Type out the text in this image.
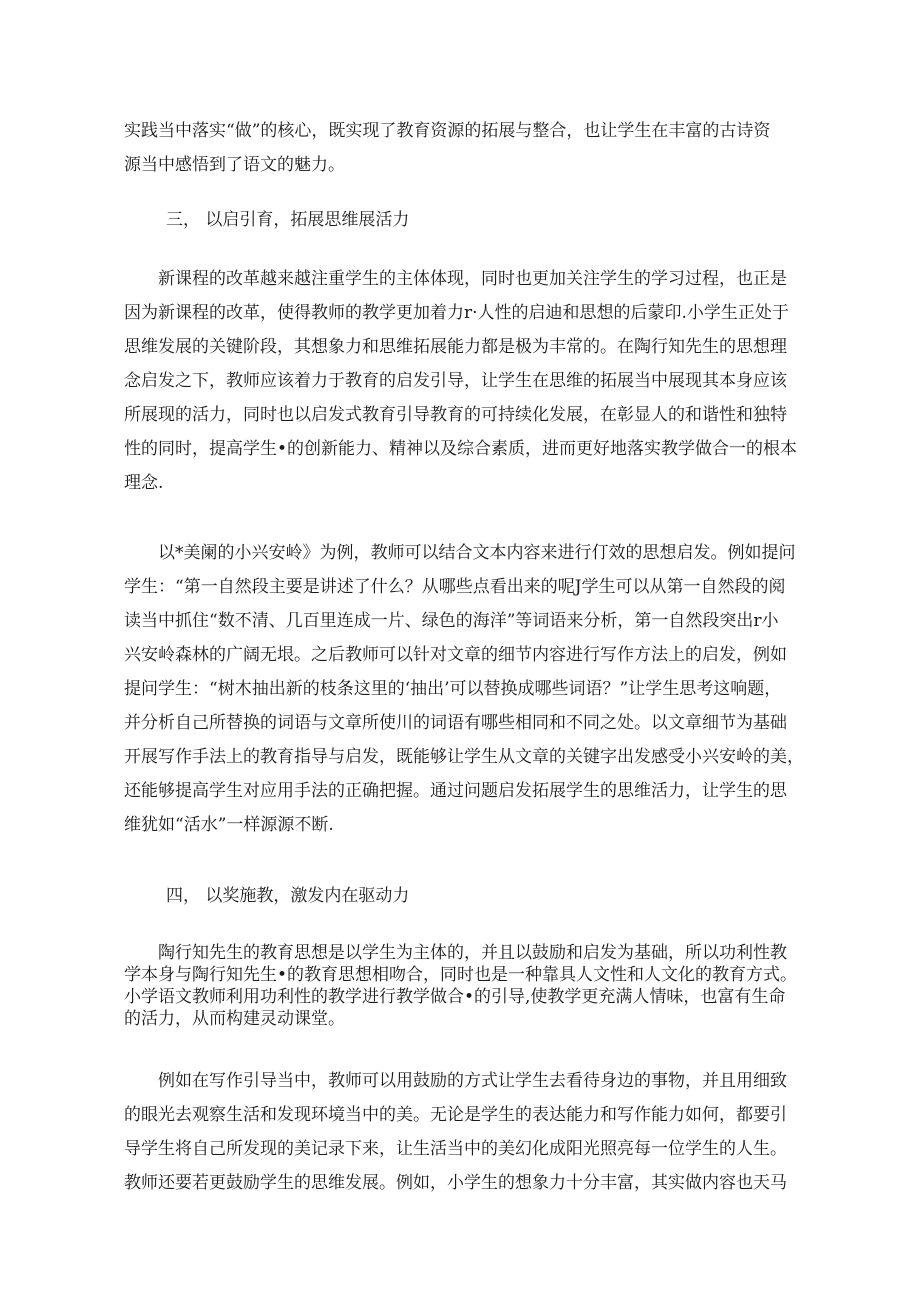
实践当中落实“做”的核心，既实现了教育资源的拓展与整合，也让学生在丰富的古诗资
源当中感悟到了语文的魅力。
三， 以启引育，拓展思维展活力
　　新课程的改革越来越注重学生的主体体现，同时也更加关注学生的学习过程，也正是
因为新课程的改革，使得教师的教学更加着力r·人性的启迪和思想的后蒙印.小学生正处于
思维发展的关键阶段，其想象力和思维拓展能力都是极为丰常的。在陶行知先生的思想理
念启发之下，教师应该着力于教育的启发引导，让学生在思维的拓展当中展现其本身应该
所展现的活力，同时也以启发式教育引导教育的可持续化发展，在彰显人的和谐性和独特
性的同时，提高学生•的创新能力、精神以及综合素质，进而更好地落实教学做合一的根本
理念.
　　以*美阑的小兴安岭》为例，教师可以结合文本内容来进行仃效的思想启发。例如提问
学生：“第一自然段主要是讲述了什么？从哪些点看出来的呢J学生可以从第一自然段的阅
读当中抓住“数不清、几百里连成一片、绿色的海洋”等词语来分析，第一自然段突出r小
兴安岭森林的广阔无垠。之后教师可以针对文章的细节内容进行写作方法上的启发，例如
提问学生：“树木抽出新的枝条这里的‘抽出’可以替换成哪些词语？”让学生思考这响题，
并分析自己所替换的词语与文章所使川的词语有哪些相同和不同之处。以文章细节为基础
开展写作手法上的教育指导与启发，既能够让学生从文章的关键字出发感受小兴安岭的美，
还能够提高学生对应用手法的正确把握。通过问题启发拓展学生的思维活力，让学生的思
维犹如“活水”一样源源不断.
四， 以奖施教，激发内在驱动力
　　陶行知先生的教育思想是以学生为主体的，并且以鼓励和启发为基础，所以功利性教
学本身与陶行知先生•的教育思想相吻合，同时也是一种靠具人文性和人文化的教育方式。
小学语文教师利用功利性的教学进行教学做合•的引导,使教学更充满人情味，也富有生命
的活力，从而构建灵动课堂。
　　例如在写作引导当中，教师可以用鼓励的方式让学生去看待身边的事物，并且用细致
的眼光去观察生活和发现环境当中的美。无论是学生的表达能力和写作能力如何，都要引
导学生将自己所发现的美记录下来，让生活当中的美幻化成阳光照亮每一位学生的人生。
教师还要若更鼓励学生的思维发展。例如，小学生的想象力十分丰富，其实做内容也天马
